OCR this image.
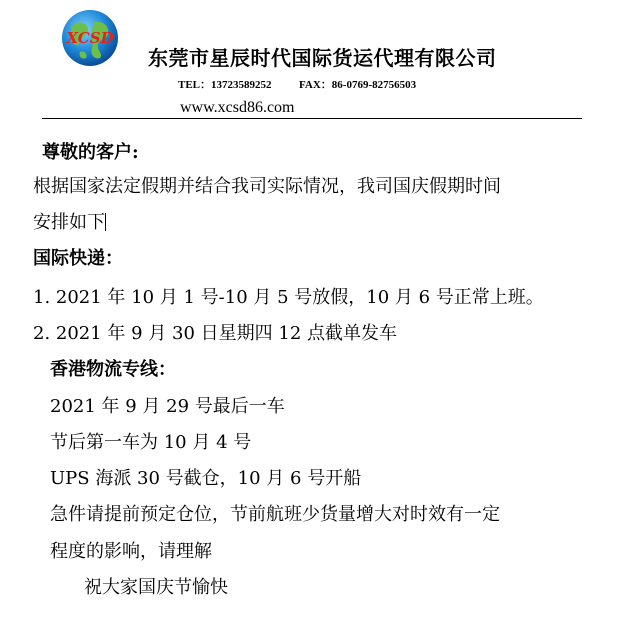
XCSD
东莞市星辰时代国际货运代理有限公司
TEL：13723589252	FAX：86-0769-82756503
www.xcsd86.com
尊敬的客户:
根据国家法定假期并结合我司实际情况，我司国庆假期时间
安排如下
国际快递：
1. 2021 年 10 月 1 号-10 月 5 号放假，10 月 6 号正常上班。
2. 2021 年 9 月 30 日星期四 12 点截单发车
香港物流专线：
2021 年 9 月 29 号最后一车
节后第一车为 10 月 4 号
UPS 海派 30 号截仓，10 月 6 号开船
急件请提前预定仓位，节前航班少货量增大对时效有一定
程度的影响，请理解
祝大家国庆节愉快
